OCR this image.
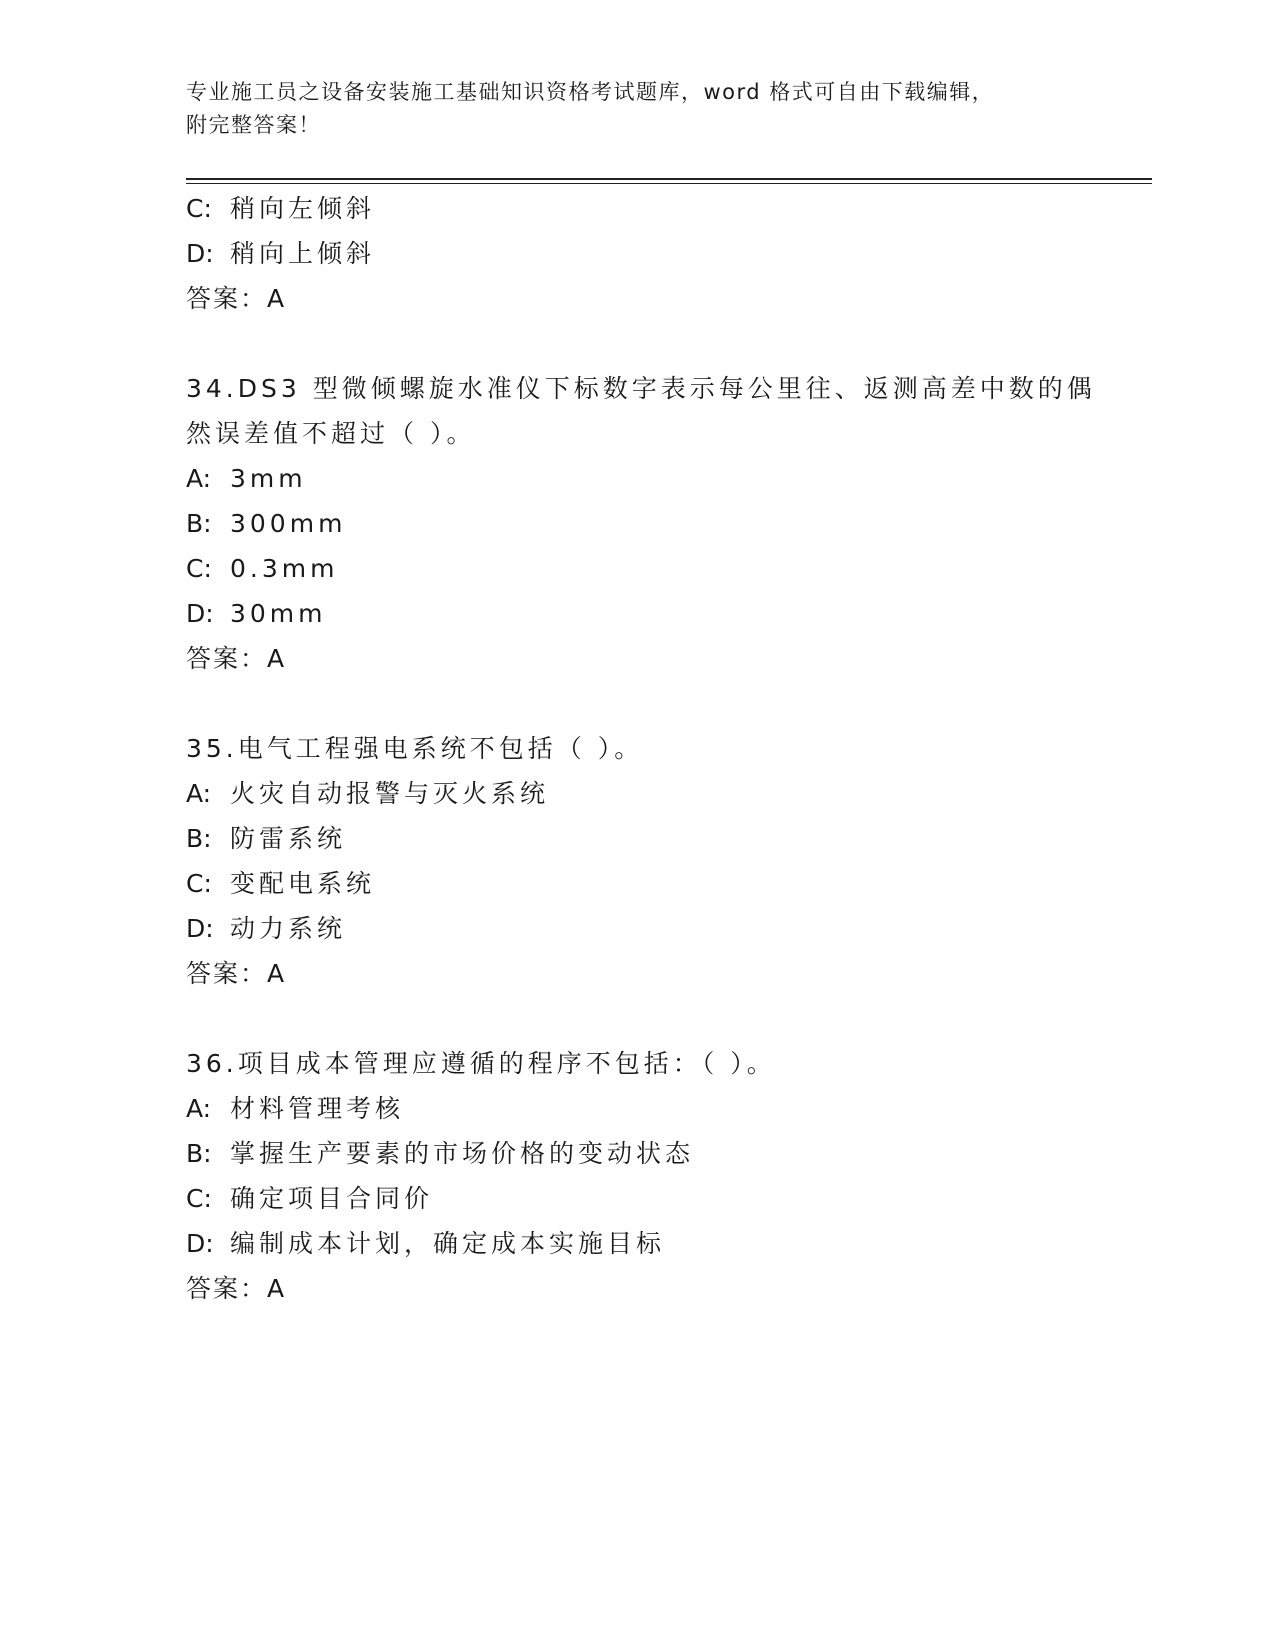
专业施工员之设备安装施工基础知识资格考试题库，word 格式可自由下载编辑，
附完整答案！
C: 稍向左倾斜
D: 稍向上倾斜
答案：A
34.DS3 型微倾螺旋水准仪下标数字表示每公里往、返测高差中数的偶
然误差值不超过（ ）。
A: 3mm
B: 300mm
C: 0.3mm
D: 30mm
答案：A
35.电气工程强电系统不包括（ ）。
A: 火灾自动报警与灭火系统
B: 防雷系统
C: 变配电系统
D: 动力系统
答案：A
36.项目成本管理应遵循的程序不包括：（ ）。
A: 材料管理考核
B: 掌握生产要素的市场价格的变动状态
C: 确定项目合同价
D: 编制成本计划，确定成本实施目标
答案：A
